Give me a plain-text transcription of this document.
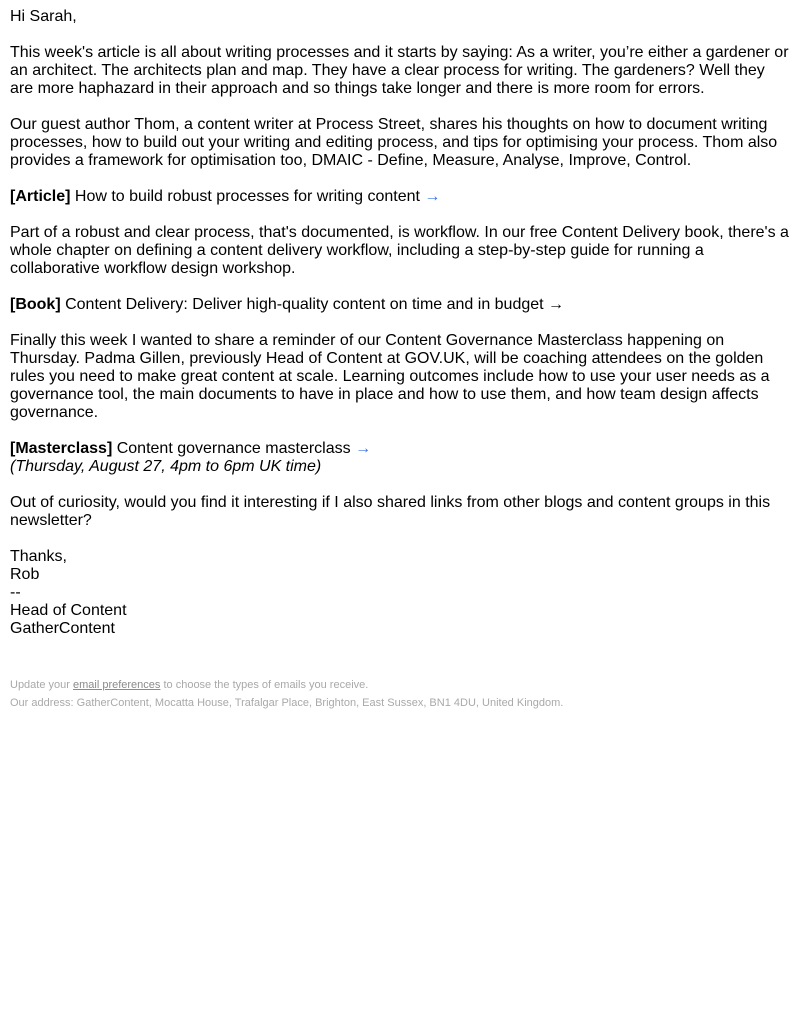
Hi Sarah,

This week's article is all about writing processes and it starts by saying: As a writer, you’re either a gardener or an architect. The architects plan and map. They have a clear process for writing. The gardeners? Well they are more haphazard in their approach and so things take longer and there is more room for errors.

Our guest author Thom, a content writer at Process Street, shares his thoughts on how to document writing processes, how to build out your writing and editing process, and tips for optimising your process. Thom also provides a framework for optimisation too, DMAIC - Define, Measure, Analyse, Improve, Control.

[Article] How to build robust processes for writing content →

Part of a robust and clear process, that's documented, is workflow. In our free Content Delivery book, there's a whole chapter on defining a content delivery workflow, including a step-by-step guide for running a collaborative workflow design workshop.

[Book] Content Delivery: Deliver high-quality content on time and in budget →

Finally this week I wanted to share a reminder of our Content Governance Masterclass happening on Thursday. Padma Gillen, previously Head of Content at GOV.UK, will be coaching attendees on the golden rules you need to make great content at scale. Learning outcomes include how to use your user needs as a governance tool, the main documents to have in place and how to use them, and how team design affects governance.

[Masterclass] Content governance masterclass →

(Thursday, August 27, 4pm to 6pm UK time)

Out of curiosity, would you find it interesting if I also shared links from other blogs and content groups in this newsletter?

Thanks,
Rob
--
Head of Content
GatherContent
Update your email preferences to choose the types of emails you receive.
Our address: GatherContent, Mocatta House, Trafalgar Place, Brighton, East Sussex, BN1 4DU, United Kingdom.
